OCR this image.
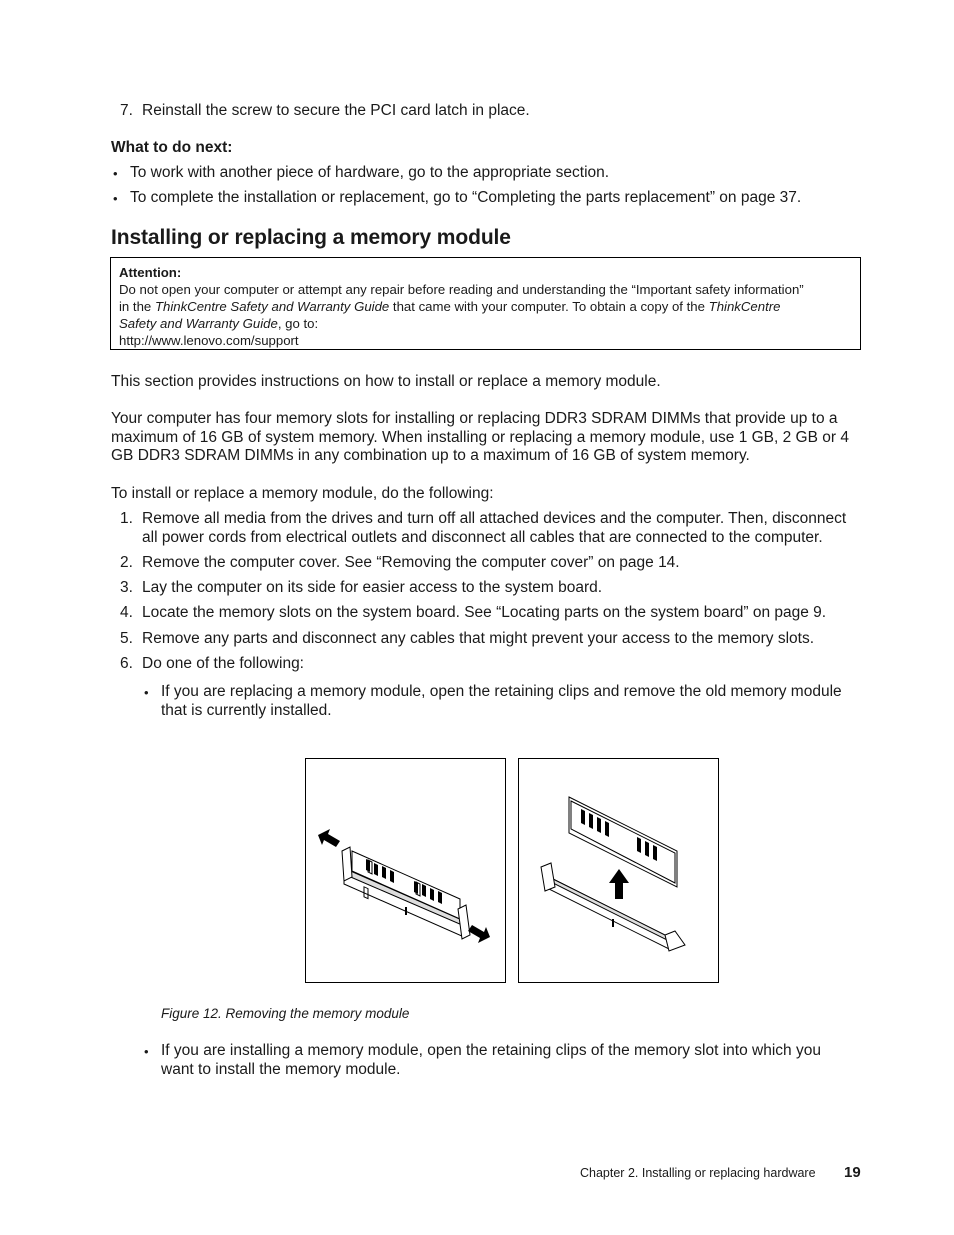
7. Reinstall the screw to secure the PCI card latch in place.
What to do next:
• To work with another piece of hardware, go to the appropriate section.
• To complete the installation or replacement, go to “Completing the parts replacement” on page 37.
Installing or replacing a memory module
Attention:
Do not open your computer or attempt any repair before reading and understanding the “Important safety information”
in the ThinkCentre Safety and Warranty Guide that came with your computer. To obtain a copy of the ThinkCentre
Safety and Warranty Guide, go to:
http://www.lenovo.com/support
This section provides instructions on how to install or replace a memory module.
Your computer has four memory slots for installing or replacing DDR3 SDRAM DIMMs that provide up to a
maximum of 16 GB of system memory. When installing or replacing a memory module, use 1 GB, 2 GB or 4
GB DDR3 SDRAM DIMMs in any combination up to a maximum of 16 GB of system memory.
To install or replace a memory module, do the following:
1. Remove all media from the drives and turn off all attached devices and the computer. Then, disconnect
all power cords from electrical outlets and disconnect all cables that are connected to the computer.
2. Remove the computer cover. See “Removing the computer cover” on page 14.
3. Lay the computer on its side for easier access to the system board.
4. Locate the memory slots on the system board. See “Locating parts on the system board” on page 9.
5. Remove any parts and disconnect any cables that might prevent your access to the memory slots.
6. Do one of the following:
• If you are replacing a memory module, open the retaining clips and remove the old memory module
that is currently installed.
Figure 12. Removing the memory module
• If you are installing a memory module, open the retaining clips of the memory slot into which you
want to install the memory module.
Chapter 2. Installing or replacing hardware 19
